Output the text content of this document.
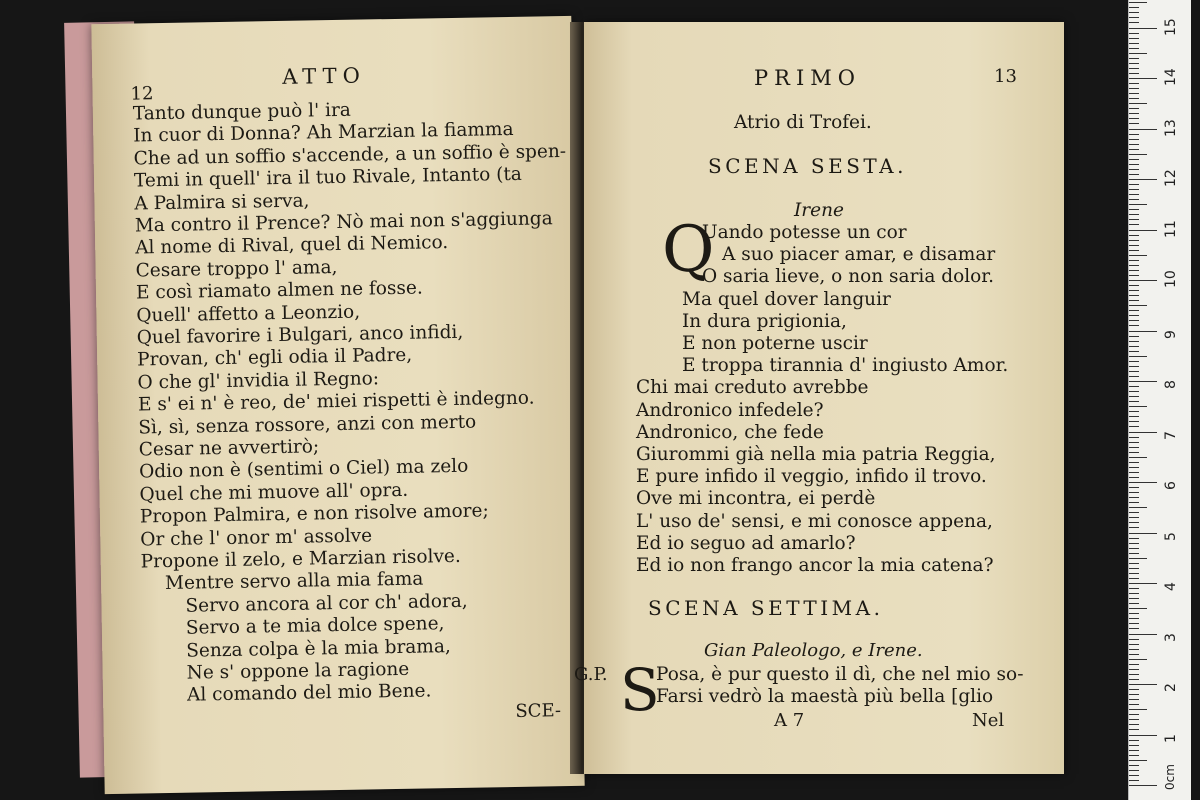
ATTO
12
Tanto dunque può l' ira
In cuor di Donna? Ah Marzian la fiamma
Che ad un soffio s'accende, a un soffio è spen-
Temi in quell' ira il tuo Rivale, Intanto (ta
A Palmira si serva,
Ma contro il Prence? Nò mai non s'aggiunga
Al nome di Rival, quel di Nemico.
Cesare troppo l' ama,
E così riamato almen ne fosse.
Quell' affetto a Leonzio,
Quel favorire i Bulgari, anco infidi,
Provan, ch' egli odia il Padre,
O che gl' invidia il Regno:
E s' ei n' è reo, de' miei rispetti è indegno.
Sì, sì, senza rossore, anzi con merto
Cesar ne avvertirò;
Odio non è (sentimi o Ciel) ma zelo
Quel che mi muove all' opra.
Propon Palmira, e non risolve amore;
Or che l' onor m' assolve
Propone il zelo, e Marzian risolve.
Mentre servo alla mia fama
Servo ancora al cor ch' adora,
Servo a te mia dolce spene,
Senza colpa è la mia brama,
Ne s' oppone la ragione
Al comando del mio Bene.
SCE-
PRIMO	13
Atrio di Trofei.
SCENA SESTA.
Irene
Q
Uando potesse un cor
A suo piacer amar, e disamar
O saria lieve, o non saria dolor.
Ma quel dover languir
In dura prigionia,
E non poterne uscir
E troppa tirannia d' ingiusto Amor.
Chi mai creduto avrebbe
Andronico infedele?
Andronico, che fede
Giurommi già nella mia patria Reggia,
E pure infido il veggio, infido il trovo.
Ove mi incontra, ei perdè
L' uso de' sensi, e mi conosce appena,
Ed io seguo ad amarlo?
Ed io non frango ancor la mia catena?
SCENA SETTIMA.
Gian Paleologo, e Irene.
G.P. S
Posa, è pur questo il dì, che nel mio so-
Farsi vedrò la maestà più bella [glio
A 7	Nel
1
2
3
4
5
6
7
8
9
10
11
12
13
14
15
0cm
